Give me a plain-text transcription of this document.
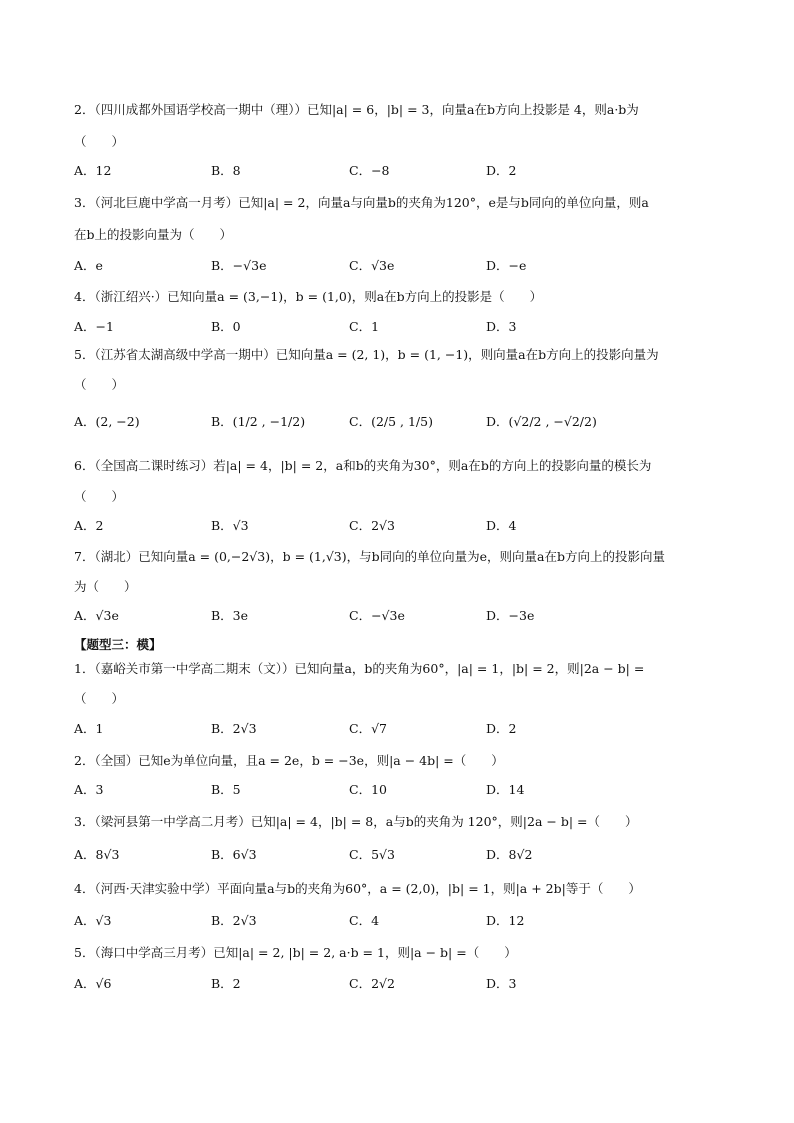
2．（四川成都外国语学校高一期中（理））已知|a| = 6，|b| = 3，向量a在b方向上投影是 4，则a·b为
（　　）
A．12	B．8	C．−8	D．2
3．（河北巨鹿中学高一月考）已知|a| = 2，向量a与向量b的夹角为120°，e是与b同向的单位向量，则a
在b上的投影向量为（　　）
A．e	B．−√3e	C．√3e	D．−e
4．（浙江绍兴·）已知向量a = (3,−1)，b = (1,0)，则a在b方向上的投影是（　　）
A．−1	B．0	C．1	D．3
5．（江苏省太湖高级中学高一期中）已知向量a = (2, 1)，b = (1, −1)，则向量a在b方向上的投影向量为
（　　）
A．(2, −2)	B．(1/2 , −1/2)	C．(2/5 , 1/5)	D．(√2/2 , −√2/2)
6．（全国高二课时练习）若|a| = 4，|b| = 2，a和b的夹角为30°，则a在b的方向上的投影向量的模长为
（　　）
A．2	B．√3	C．2√3	D．4
7．（湖北）已知向量a = (0,−2√3)，b = (1,√3)，与b同向的单位向量为e，则向量a在b方向上的投影向量
为（　　）
A．√3e	B．3e	C．−√3e	D．−3e
【题型三：模】
1．（嘉峪关市第一中学高二期末（文））已知向量a，b的夹角为60°，|a| = 1，|b| = 2，则|2a − b| =
（　　）
A．1	B．2√3	C．√7	D．2
2．（全国）已知e为单位向量，且a = 2e，b = −3e，则|a − 4b| =（　　）
A．3	B．5	C．10	D．14
3．（梁河县第一中学高二月考）已知|a| = 4，|b| = 8，a与b的夹角为 120°，则|2a − b| =（　　）
A．8√3	B．6√3	C．5√3	D．8√2
4．（河西·天津实验中学）平面向量a与b的夹角为60°，a = (2,0)，|b| = 1，则|a + 2b|等于（　　）
A．√3	B．2√3	C．4	D．12
5．（海口中学高三月考）已知|a| = 2, |b| = 2, a·b = 1，则|a − b| =（　　）
A．√6	B．2	C．2√2	D．3
